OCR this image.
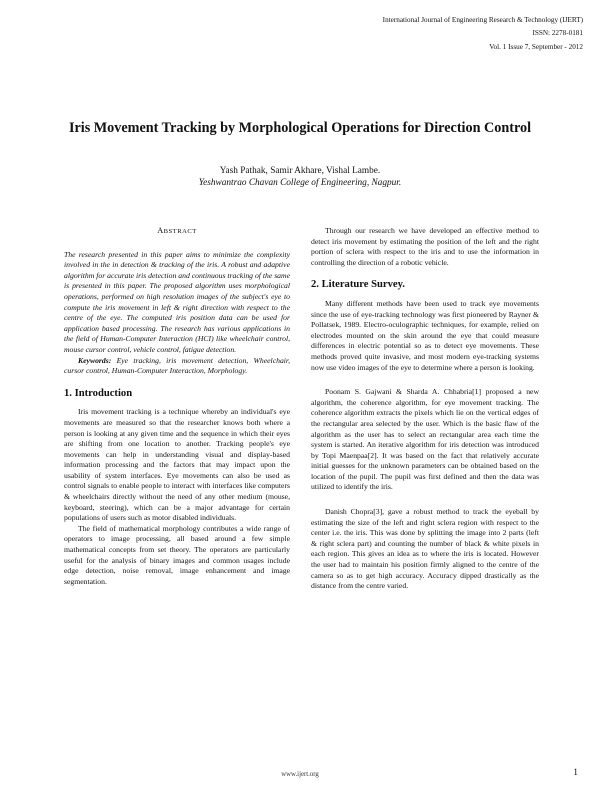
International Journal of Engineering Research & Technology (IJERT)
ISSN: 2278-0181
Vol. 1 Issue 7, September - 2012
Iris Movement Tracking by Morphological Operations for Direction Control
Yash Pathak, Samir Akhare, Vishal Lambe.
Yeshwantrao Chavan College of Engineering, Nagpur.
ABSTRACT

The research presented in this paper aims to minimize the complexity involved in the in detection & tracking of the iris. A robust and adaptive algorithm for accurate iris detection and continuous tracking of the same is presented in this paper. The proposed algorithm uses morphological operations, performed on high resolution images of the subject's eye to compute the iris movement in left & right direction with respect to the centre of the eye. The computed iris position data can be used for application based processing. The research has various applications in the field of Human-Computer Interaction (HCI) like wheelchair control, mouse cursor control, vehicle control, fatigue detection.

Keywords: Eye tracking, iris movement detection, Wheelchair, cursor control, Human-Computer Interaction, Morphology.

1. Introduction

Iris movement tracking is a technique whereby an individual's eye movements are measured so that the researcher knows both where a person is looking at any given time and the sequence in which their eyes are shifting from one location to another. Tracking people's eye movements can help in understanding visual and display-based information processing and the factors that may impact upon the usability of system interfaces. Eye movements can also be used as control signals to enable people to interact with interfaces like computers & wheelchairs directly without the need of any other medium (mouse, keyboard, steering), which can be a major advantage for certain populations of users such as motor disabled individuals.

The field of mathematical morphology contributes a wide range of operators to image processing, all based around a few simple mathematical concepts from set theory. The operators are particularly useful for the analysis of binary images and common usages include edge detection, noise removal, image enhancement and image segmentation.

Through our research we have developed an effective method to detect iris movement by estimating the position of the left and the right portion of sclera with respect to the iris and to use the information in controlling the direction of a robotic vehicle.

2. Literature Survey.

Many different methods have been used to track eye movements since the use of eye-tracking technology was first pioneered by Rayner & Pollatsek, 1989. Electro-oculographic techniques, for example, relied on electrodes mounted on the skin around the eye that could measure differences in electric potential so as to detect eye movements. These methods proved quite invasive, and most modern eye-tracking systems now use video images of the eye to determine where a person is looking.

Poonam S. Gajwani & Sharda A. Chhabria[1] proposed a new algorithm, the coherence algorithm, for eye movement tracking. The coherence algorithm extracts the pixels which lie on the vertical edges of the rectangular area selected by the user. Which is the basic flaw of the algorithm as the user has to select an rectangular area each time the system is started. An iterative algorithm for iris detection was introduced by Topi Maenpaa[2]. It was based on the fact that relatively accurate initial guesses for the unknown parameters can be obtained based on the location of the pupil. The pupil was first defined and then the data was utilized to identify the iris.

Danish Chopra[3], gave a robust method to track the eyeball by estimating the size of the left and right sclera region with respect to the center i.e. the iris. This was done by splitting the image into 2 parts (left & right sclera part) and counting the number of black & white pixels in each region. This gives an idea as to where the iris is located. However the user had to maintain his position firmly aligned to the centre of the camera so as to get high accuracy. Accuracy dipped drastically as the distance from the centre varied.

www.ijert.org	1
